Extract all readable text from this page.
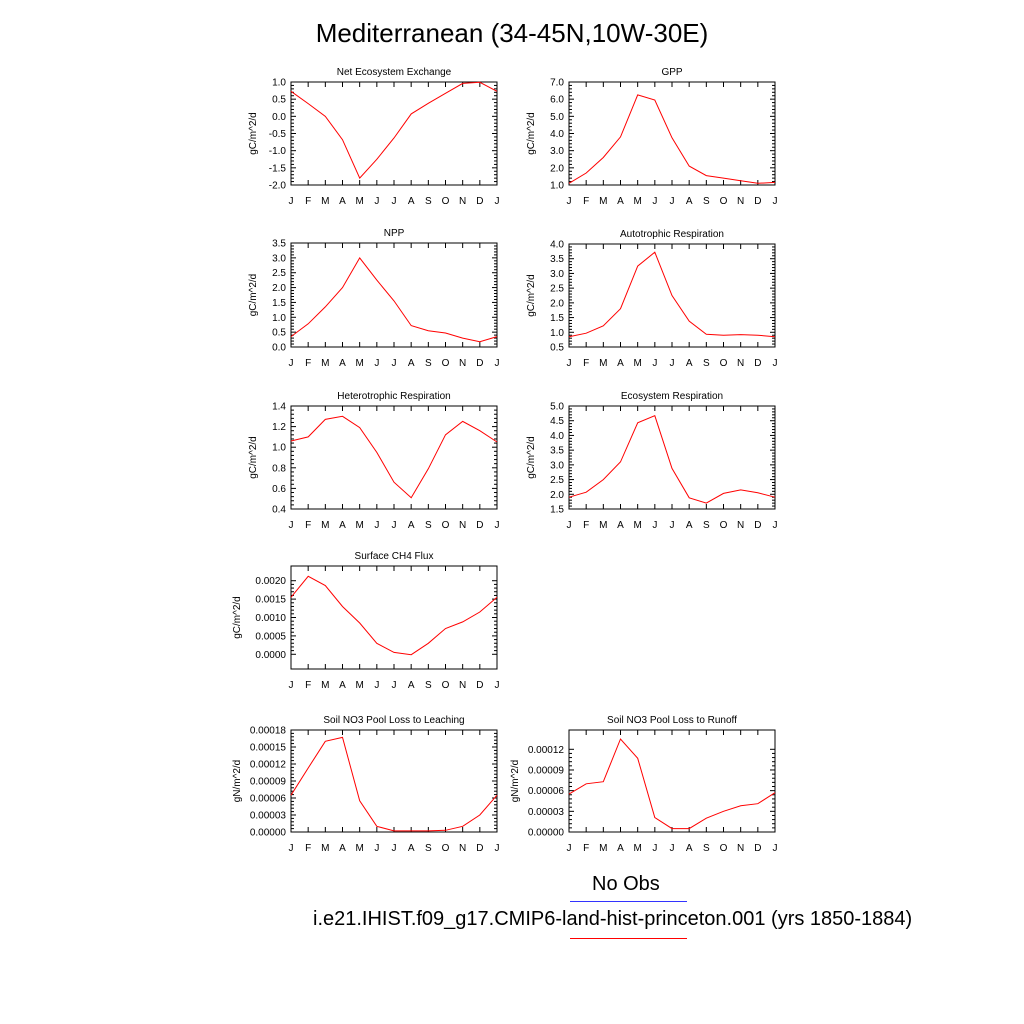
Mediterranean (34-45N,10W-30E)
Net Ecosystem Exchange
gC/m^2/d
-2.0
-1.5
-1.0
-0.5
0.0
0.5
1.0
J F M A M J J A S O N D J
GPP
gC/m^2/d
1.0
2.0
3.0
4.0
5.0
6.0
7.0
J F M A M J J A S O N D J
NPP
gC/m^2/d
0.0
0.5
1.0
1.5
2.0
2.5
3.0
3.5
J F M A M J J A S O N D J
Autotrophic Respiration
gC/m^2/d
0.5
1.0
1.5
2.0
2.5
3.0
3.5
4.0
J F M A M J J A S O N D J
Heterotrophic Respiration
gC/m^2/d
0.4
0.6
0.8
1.0
1.2
1.4
J F M A M J J A S O N D J
Ecosystem Respiration
gC/m^2/d
1.5
2.0
2.5
3.0
3.5
4.0
4.5
5.0
J F M A M J J A S O N D J
Surface CH4 Flux
gC/m^2/d
0.0000
0.0005
0.0010
0.0015
0.0020
J F M A M J J A S O N D J
Soil NO3 Pool Loss to Leaching
gN/m^2/d
0.00000
0.00003
0.00006
0.00009
0.00012
0.00015
0.00018
J F M A M J J A S O N D J
Soil NO3 Pool Loss to Runoff
gN/m^2/d
0.00000
0.00003
0.00006
0.00009
0.00012
J F M A M J J A S O N D J
No Obs
i.e21.IHIST.f09_g17.CMIP6-land-hist-princeton.001 (yrs 1850-1884)
